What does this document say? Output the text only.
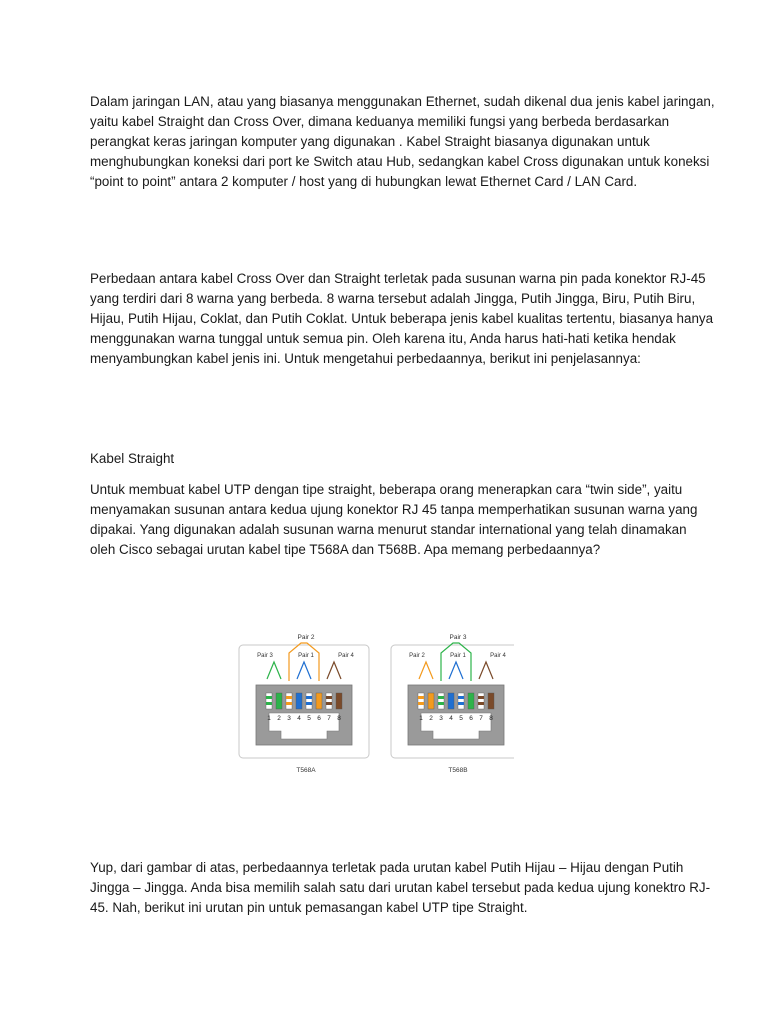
Dalam jaringan LAN, atau yang biasanya menggunakan Ethernet, sudah dikenal dua jenis kabel jaringan,
yaitu kabel Straight dan Cross Over, dimana keduanya memiliki fungsi yang berbeda berdasarkan
perangkat keras jaringan komputer yang digunakan . Kabel Straight biasanya digunakan untuk
menghubungkan koneksi dari port ke Switch atau Hub, sedangkan kabel Cross digunakan untuk koneksi
“point to point” antara 2 komputer / host yang di hubungkan lewat Ethernet Card / LAN Card.
Perbedaan antara kabel Cross Over dan Straight terletak pada susunan warna pin pada konektor RJ-45
yang terdiri dari 8 warna yang berbeda. 8 warna tersebut adalah Jingga, Putih Jingga, Biru, Putih Biru,
Hijau, Putih Hijau, Coklat, dan Putih Coklat. Untuk beberapa jenis kabel kualitas tertentu, biasanya hanya
menggunakan warna tunggal untuk semua pin. Oleh karena itu, Anda harus hati-hati ketika hendak
menyambungkan kabel jenis ini. Untuk mengetahui perbedaannya, berikut ini penjelasannya:
Kabel Straight
Untuk membuat kabel UTP dengan tipe straight, beberapa orang menerapkan cara “twin side”, yaitu
menyamakan susunan antara kedua ujung konektor RJ 45 tanpa memperhatikan susunan warna yang
dipakai. Yang digunakan adalah susunan warna menurut standar international yang telah dinamakan
oleh Cisco sebagai urutan kabel tipe T568A dan T568B. Apa memang perbedaannya?
Pair 2
Pair 3	Pair 1	Pair 4
1 2 3 4 5 6 7 8
Pair 3
Pair 2	Pair 1	Pair 4
1 2 3 4 5 6 7 8
T568A	T568B
Yup, dari gambar di atas, perbedaannya terletak pada urutan kabel Putih Hijau – Hijau dengan Putih
Jingga – Jingga. Anda bisa memilih salah satu dari urutan kabel tersebut pada kedua ujung konektro RJ-
45. Nah, berikut ini urutan pin untuk pemasangan kabel UTP tipe Straight.
